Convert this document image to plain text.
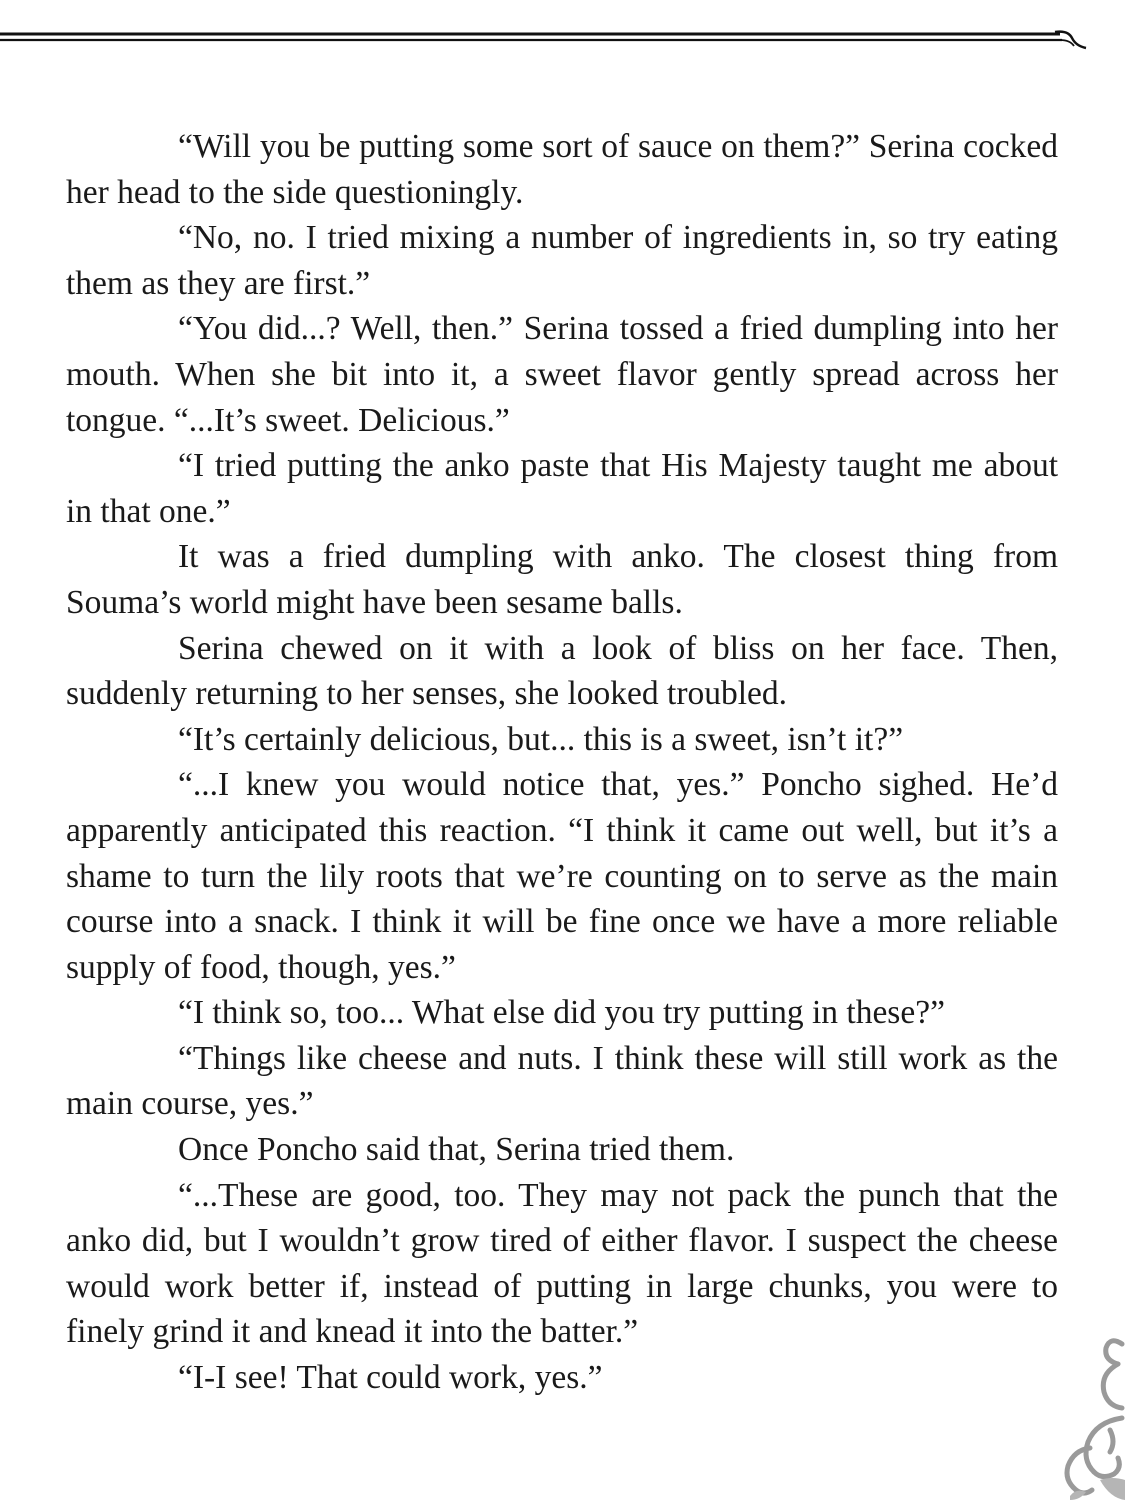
“Will you be putting some sort of sauce on them?” Serina cocked her head to the side questioningly.

“No, no. I tried mixing a number of ingredients in, so try eating them as they are first.”

“You did...? Well, then.” Serina tossed a fried dumpling into her mouth. When she bit into it, a sweet flavor gently spread across her tongue. “...It’s sweet. Delicious.”

“I tried putting the anko paste that His Majesty taught me about in that one.”

It was a fried dumpling with anko. The closest thing from Souma’s world might have been sesame balls.

Serina chewed on it with a look of bliss on her face. Then, suddenly returning to her senses, she looked troubled.

“It’s certainly delicious, but... this is a sweet, isn’t it?”

“...I knew you would notice that, yes.” Poncho sighed. He’d apparently anticipated this reaction. “I think it came out well, but it’s a shame to turn the lily roots that we’re counting on to serve as the main course into a snack. I think it will be fine once we have a more reliable supply of food, though, yes.”

“I think so, too... What else did you try putting in these?”

“Things like cheese and nuts. I think these will still work as the main course, yes.”

Once Poncho said that, Serina tried them.

“...These are good, too. They may not pack the punch that the anko did, but I wouldn’t grow tired of either flavor. I suspect the cheese would work better if, instead of putting in large chunks, you were to finely grind it and knead it into the batter.”

“I-I see! That could work, yes.”
